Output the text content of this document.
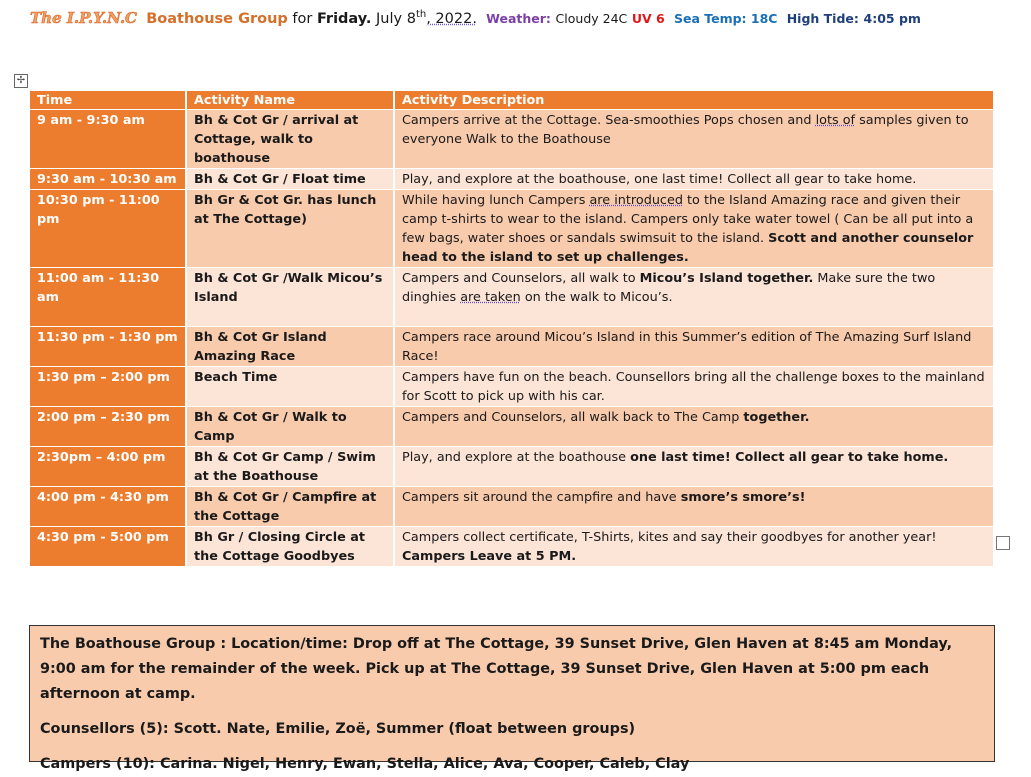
The I.P.Y.N.C Boathouse Group for Friday. July 8th, 2022. Weather: Cloudy 24C UV 6 Sea Temp: 18C High Tide: 4:05 pm
✢
Time	Activity Name	Activity Description
9 am - 9:30 am	Bh & Cot Gr / arrival at Cottage, walk to boathouse	Campers arrive at the Cottage. Sea-smoothies Pops chosen and lots of samples given to everyone Walk to the Boathouse
9:30 am - 10:30 am	Bh & Cot Gr / Float time	Play, and explore at the boathouse, one last time! Collect all gear to take home.
10:30 pm - 11:00 pm	Bh Gr & Cot Gr. has lunch at The Cottage)	While having lunch Campers are introduced to the Island Amazing race and given their camp t-shirts to wear to the island. Campers only take water towel ( Can be all put into a few bags, water shoes or sandals swimsuit to the island. Scott and another counselor head to the island to set up challenges.
11:00 am - 11:30 am	Bh & Cot Gr /Walk Micou’s Island	Campers and Counselors, all walk to Micou’s Island together. Make sure the two dinghies are taken on the walk to Micou’s.
11:30 pm - 1:30 pm	Bh & Cot Gr Island Amazing Race	Campers race around Micou’s Island in this Summer’s edition of The Amazing Surf Island Race!
1:30 pm – 2:00 pm	Beach Time	Campers have fun on the beach. Counsellors bring all the challenge boxes to the mainland for Scott to pick up with his car.
2:00 pm – 2:30 pm	Bh & Cot Gr / Walk to Camp	Campers and Counselors, all walk back to The Camp together.
2:30pm – 4:00 pm	Bh & Cot Gr Camp / Swim at the Boathouse	Play, and explore at the boathouse one last time! Collect all gear to take home.
4:00 pm - 4:30 pm	Bh & Cot Gr / Campfire at the Cottage	Campers sit around the campfire and have smore’s smore’s!
4:30 pm - 5:00 pm	Bh Gr / Closing Circle at the Cottage Goodbyes	Campers collect certificate, T-Shirts, kites and say their goodbyes for another year! Campers Leave at 5 PM.

The Boathouse Group : Location/time: Drop off at The Cottage, 39 Sunset Drive, Glen Haven at 8:45 am Monday, 9:00 am for the remainder of the week. Pick up at The Cottage, 39 Sunset Drive, Glen Haven at 5:00 pm each afternoon at camp.

Counsellors (5): Scott. Nate, Emilie, Zoë, Summer (float between groups)

Campers (10): Carina. Nigel, Henry, Ewan, Stella, Alice, Ava, Cooper, Caleb, Clay
